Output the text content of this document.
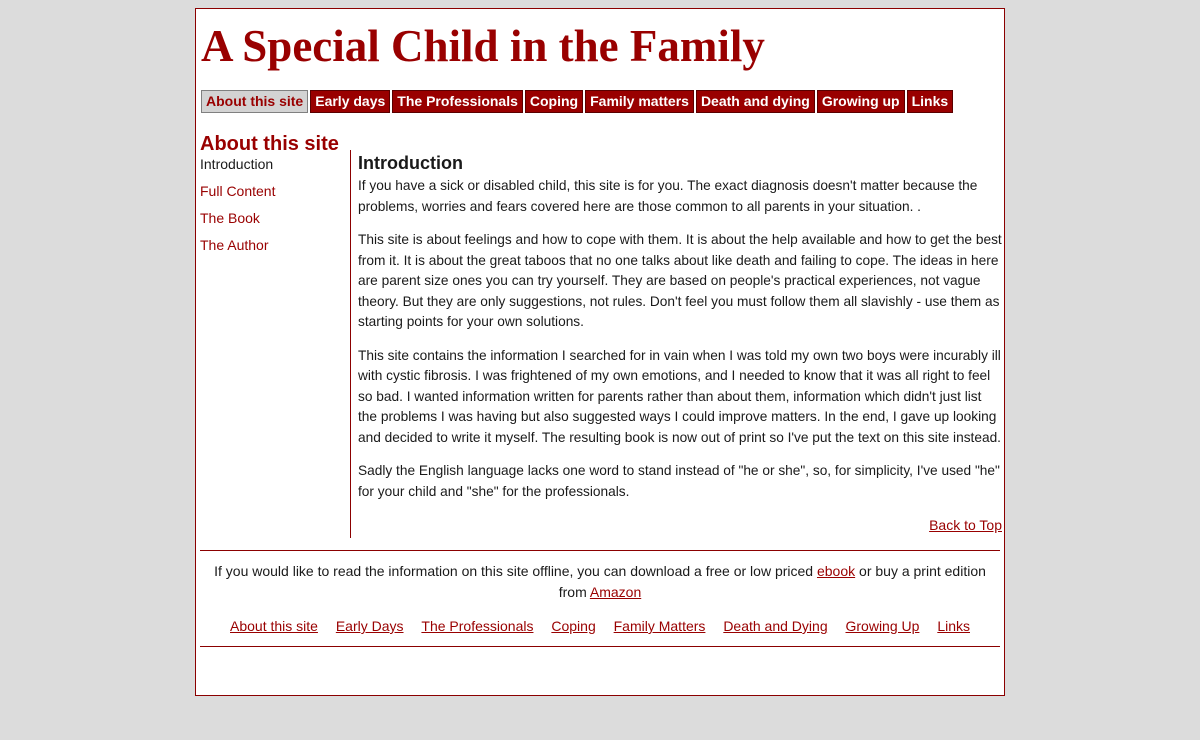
A Special Child in the Family
About this site Early days The Professionals Coping Family matters Death and dying Growing up Links
About this site
Introduction
Full Content
The Book
The Author
Introduction

If you have a sick or disabled child, this site is for you. The exact diagnosis doesn't matter because the problems, worries and fears covered here are those common to all parents in your situation. .

This site is about feelings and how to cope with them. It is about the help available and how to get the best from it. It is about the great taboos that no one talks about like death and failing to cope. The ideas in here are parent size ones you can try yourself. They are based on people's practical experiences, not vague theory. But they are only suggestions, not rules. Don't feel you must follow them all slavishly - use them as starting points for your own solutions.

This site contains the information I searched for in vain when I was told my own two boys were incurably ill with cystic fibrosis. I was frightened of my own emotions, and I needed to know that it was all right to feel so bad. I wanted information written for parents rather than about them, information which didn't just list the problems I was having but also suggested ways I could improve matters. In the end, I gave up looking and decided to write it myself. The resulting book is now out of print so I've put the text on this site instead.

Sadly the English language lacks one word to stand instead of "he or she", so, for simplicity, I've used "he" for your child and "she" for the professionals.

Back to Top
If you would like to read the information on this site offline, you can download a free or low priced ebook or buy a print edition from Amazon
About this site Early Days The Professionals Coping Family Matters Death and Dying Growing Up Links
